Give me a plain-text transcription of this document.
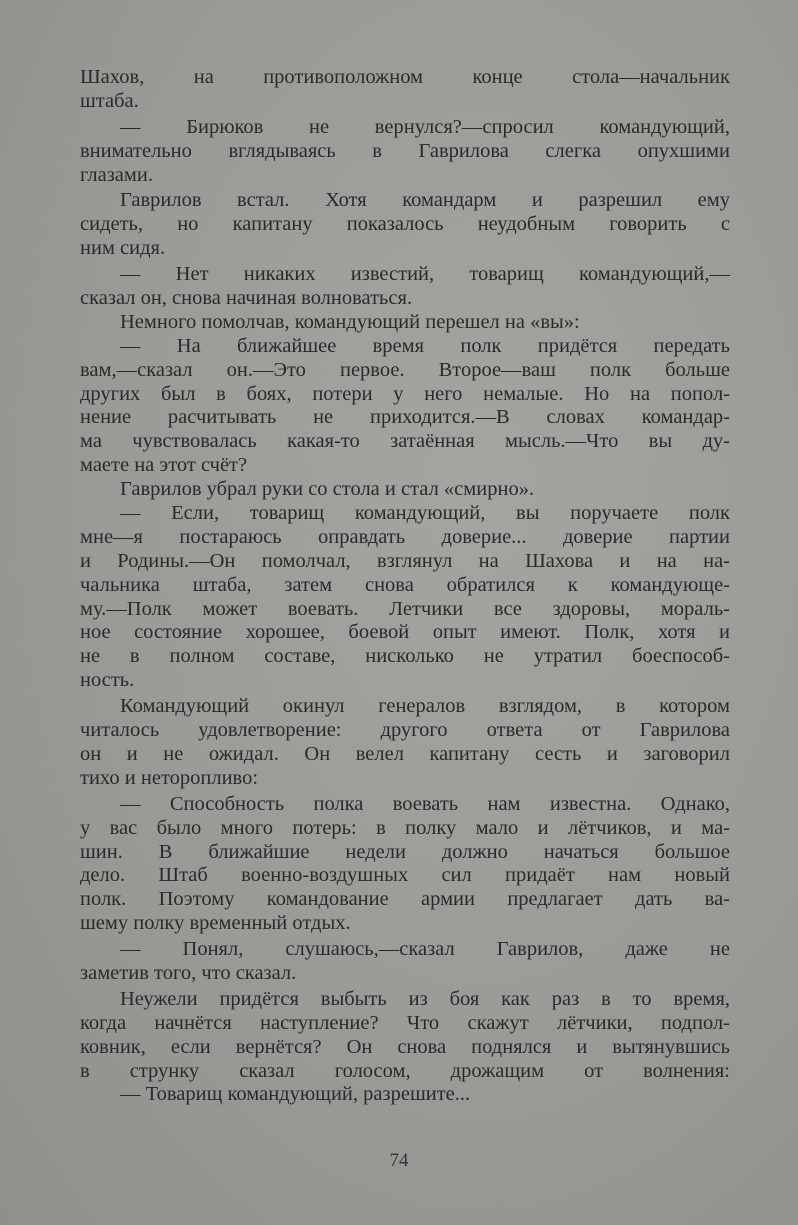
Шахов, на противоположном конце стола—начальник
штаба.
— Бирюков не вернулся?—спросил командующий,
внимательно вглядываясь в Гаврилова слегка опухшими
глазами.
Гаврилов встал. Хотя командарм и разрешил ему
сидеть, но капитану показалось неудобным говорить с
ним сидя.
— Нет никаких известий, товарищ командующий,—
сказал он, снова начиная волноваться.
Немного помолчав, командующий перешел на «вы»:
— На ближайшее время полк придётся передать
вам,—сказал он.—Это первое. Второе—ваш полк больше
других был в боях, потери у него немалые. Но на попол-
нение расчитывать не приходится.—В словах командар-
ма чувствовалась какая-то затаённая мысль.—Что вы ду-
маете на этот счёт?
Гаврилов убрал руки со стола и стал «смирно».
— Если, товарищ командующий, вы поручаете полк
мне—я постараюсь оправдать доверие... доверие партии
и Родины.—Он помолчал, взглянул на Шахова и на на-
чальника штаба, затем снова обратился к командующе-
му.—Полк может воевать. Летчики все здоровы, мораль-
ное состояние хорошее, боевой опыт имеют. Полк, хотя и
не в полном составе, нисколько не утратил боеспособ-
ность.
Командующий окинул генералов взглядом, в котором
читалось удовлетворение: другого ответа от Гаврилова
он и не ожидал. Он велел капитану сесть и заговорил
тихо и неторопливо:
— Способность полка воевать нам известна. Однако,
у вас было много потерь: в полку мало и лётчиков, и ма-
шин. В ближайшие недели должно начаться большое
дело. Штаб военно-воздушных сил придаёт нам новый
полк. Поэтому командование армии предлагает дать ва-
шему полку временный отдых.
— Понял, слушаюсь,—сказал Гаврилов, даже не
заметив того, что сказал.
Неужели придётся выбыть из боя как раз в то время,
когда начнётся наступление? Что скажут лётчики, подпол-
ковник, если вернётся? Он снова поднялся и вытянувшись
в струнку сказал голосом, дрожащим от волнения:
— Товарищ командующий, разрешите...
74
